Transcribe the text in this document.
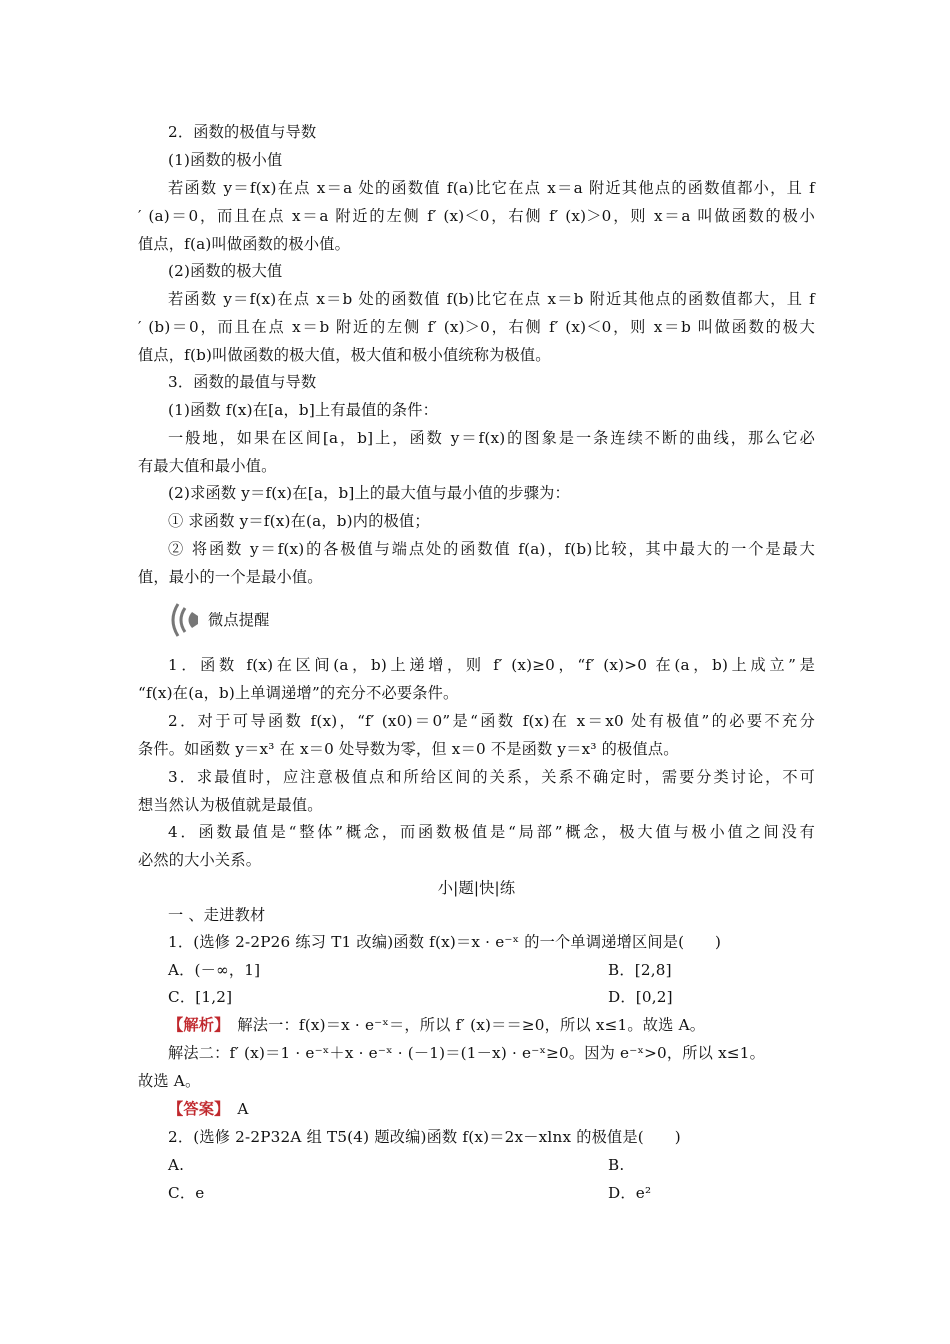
2．函数的极值与导数
(1)函数的极小值
若函数 y＝f(x)在点 x＝a 处的函数值 f(a)比它在点 x＝a 附近其他点的函数值都小，且 f
′ (a)＝0，而且在点 x＝a 附近的左侧 f′ (x)＜0，右侧 f′ (x)＞0，则 x＝a 叫做函数的极小
值点，f(a)叫做函数的极小值。
(2)函数的极大值
若函数 y＝f(x)在点 x＝b 处的函数值 f(b)比它在点 x＝b 附近其他点的函数值都大，且 f
′ (b)＝0，而且在点 x＝b 附近的左侧 f′ (x)＞0，右侧 f′ (x)＜0，则 x＝b 叫做函数的极大
值点，f(b)叫做函数的极大值，极大值和极小值统称为极值。
3．函数的最值与导数
(1)函数 f(x)在[a，b]上有最值的条件：
一般地，如果在区间[a，b]上，函数 y＝f(x)的图象是一条连续不断的曲线，那么它必
有最大值和最小值。
(2)求函数 y＝f(x)在[a，b]上的最大值与最小值的步骤为：
① 求函数 y＝f(x)在(a，b)内的极值；
② 将函数 y＝f(x)的各极值与端点处的函数值 f(a)，f(b)比较，其中最大的一个是最大
值，最小的一个是最小值。
微点提醒
1．函数 f(x)在区间(a，b)上递增，则 f′ (x)≥0，“f′ (x)>0 在(a，b)上成立”是
“f(x)在(a，b)上单调递增”的充分不必要条件。
2．对于可导函数 f(x)，“f′ (x0)＝0”是“函数 f(x)在 x＝x0 处有极值”的必要不充分
条件。如函数 y＝x³ 在 x＝0 处导数为零，但 x＝0 不是函数 y＝x³ 的极值点。
3．求最值时，应注意极值点和所给区间的关系，关系不确定时，需要分类讨论，不可
想当然认为极值就是最值。
4．函数最值是“整体”概念，而函数极值是“局部”概念，极大值与极小值之间没有
必然的大小关系。
小|题|快|练
一 、走进教材
1．(选修 2-2P26 练习 T1 改编)函数 f(x)＝x · e⁻ˣ 的一个单调递增区间是(　　)
A．(－∞，1]	B．[2,8]
C．[1,2]	D．[0,2]
【解析】　解法一：f(x)＝x · e⁻ˣ＝，所以 f′ (x)＝＝≥0，所以 x≤1。故选 A。
解法二：f′ (x)＝1 · e⁻ˣ＋x · e⁻ˣ · (－1)＝(1－x) · e⁻ˣ≥0。因为 e⁻ˣ>0，所以 x≤1。
故选 A。
【答案】　A
2．(选修 2-2P32A 组 T5(4) 题改编)函数 f(x)＝2x－xlnx 的极值是(　　)
A.	B.
C．e	D．e²
